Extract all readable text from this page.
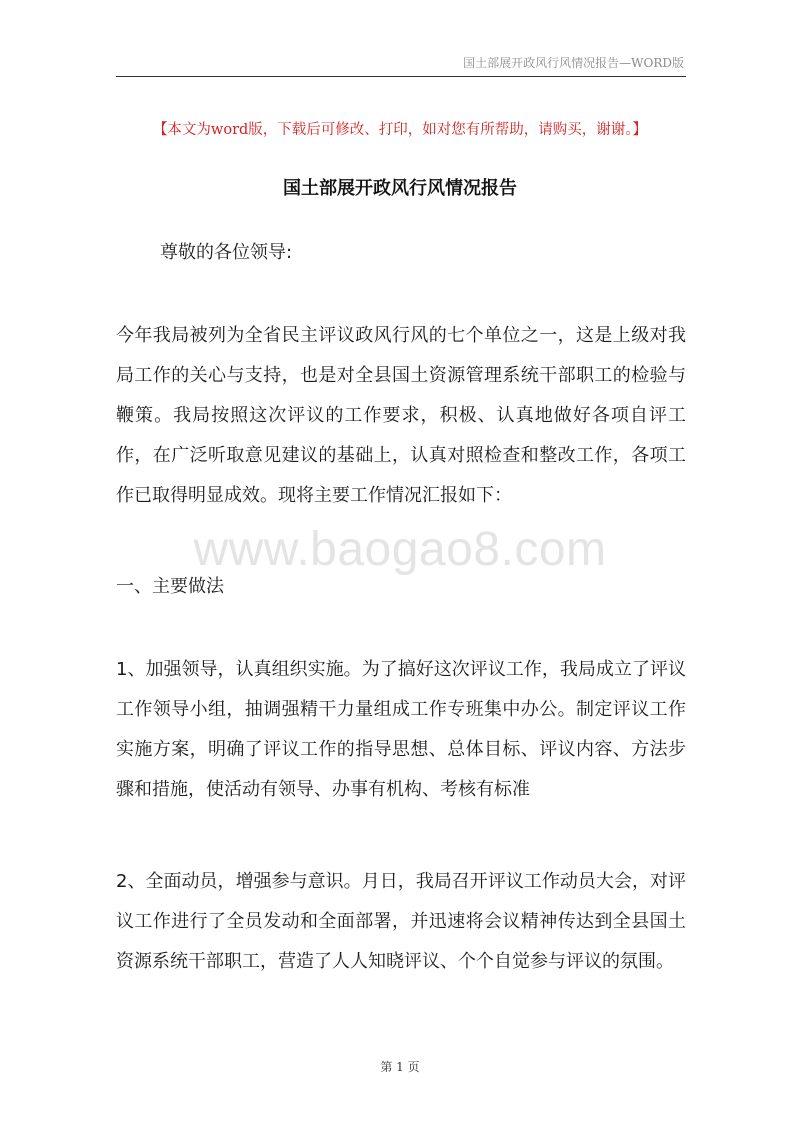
国土部展开政风行风情况报告—WORD版
【本文为word版，下载后可修改、打印，如对您有所帮助，请购买，谢谢。】
国土部展开政风行风情况报告
尊敬的各位领导:

今年我局被列为全省民主评议政风行风的七个单位之一，这是上级对我局工作的关心与支持，也是对全县国土资源管理系统干部职工的检验与鞭策。我局按照这次评议的工作要求，积极、认真地做好各项自评工作，在广泛听取意见建议的基础上，认真对照检查和整改工作，各项工作已取得明显成效。现将主要工作情况汇报如下：

www.baogao8.com
一、主要做法

1、加强领导，认真组织实施。为了搞好这次评议工作，我局成立了评议工作领导小组，抽调强精干力量组成工作专班集中办公。制定评议工作实施方案，明确了评议工作的指导思想、总体目标、评议内容、方法步骤和措施，使活动有领导、办事有机构、考核有标准

2、全面动员，增强参与意识。月日，我局召开评议工作动员大会，对评议工作进行了全员发动和全面部署，并迅速将会议精神传达到全县国土资源系统干部职工，营造了人人知晓评议、个个自觉参与评议的氛围。

第 1 页
